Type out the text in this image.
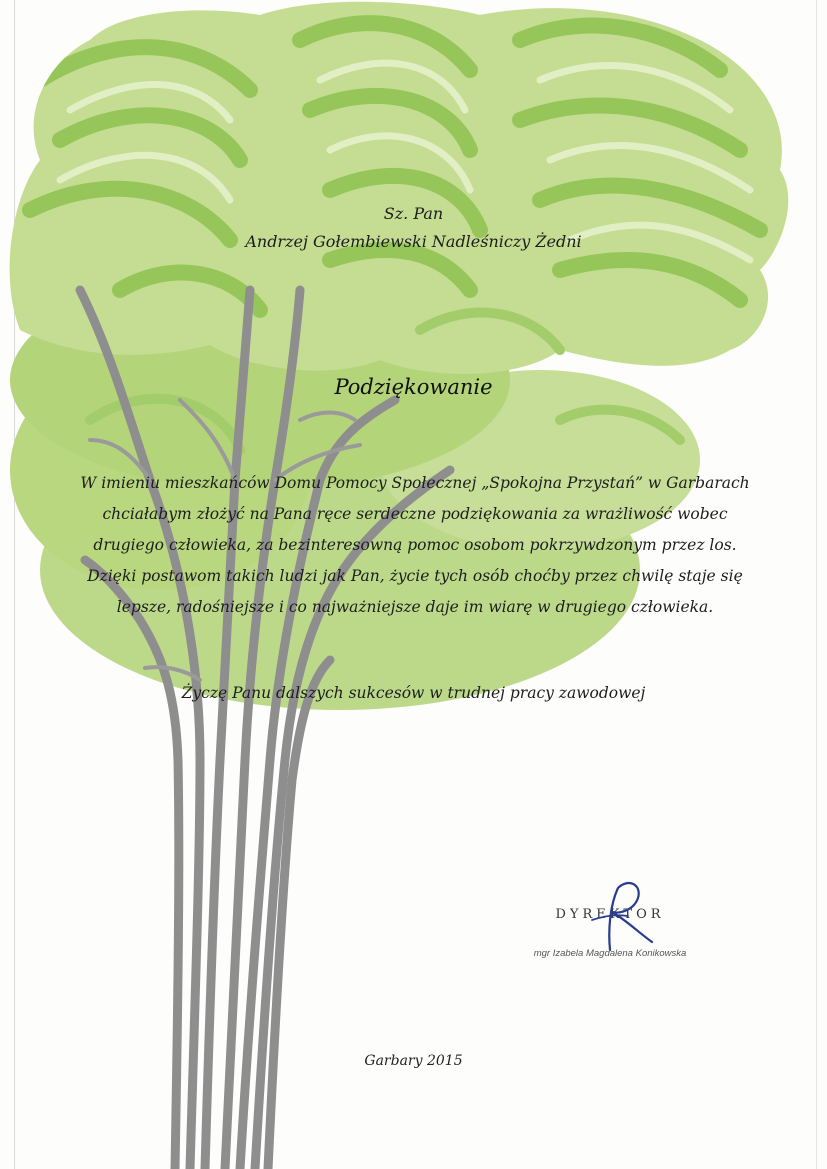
Sz. Pan
Andrzej Gołembiewski Nadleśniczy Żedni
Podziękowanie

W imieniu mieszkańców Domu Pomocy Społecznej „Spokojna Przystań” w Garbarach chciałabym złożyć na Pana ręce serdeczne podziękowania za wrażliwość wobec drugiego człowieka, za bezinteresowną pomoc osobom pokrzywdzonym przez los. Dzięki postawom takich ludzi jak Pan, życie tych osób choćby przez chwilę staje się lepsze, radośniejsze i co najważniejsze daje im wiarę w drugiego człowieka.

Życzę Panu dalszych sukcesów w trudnej pracy zawodowej

DYREKTOR

mgr Izabela Magdalena Konikowska

Garbary 2015
